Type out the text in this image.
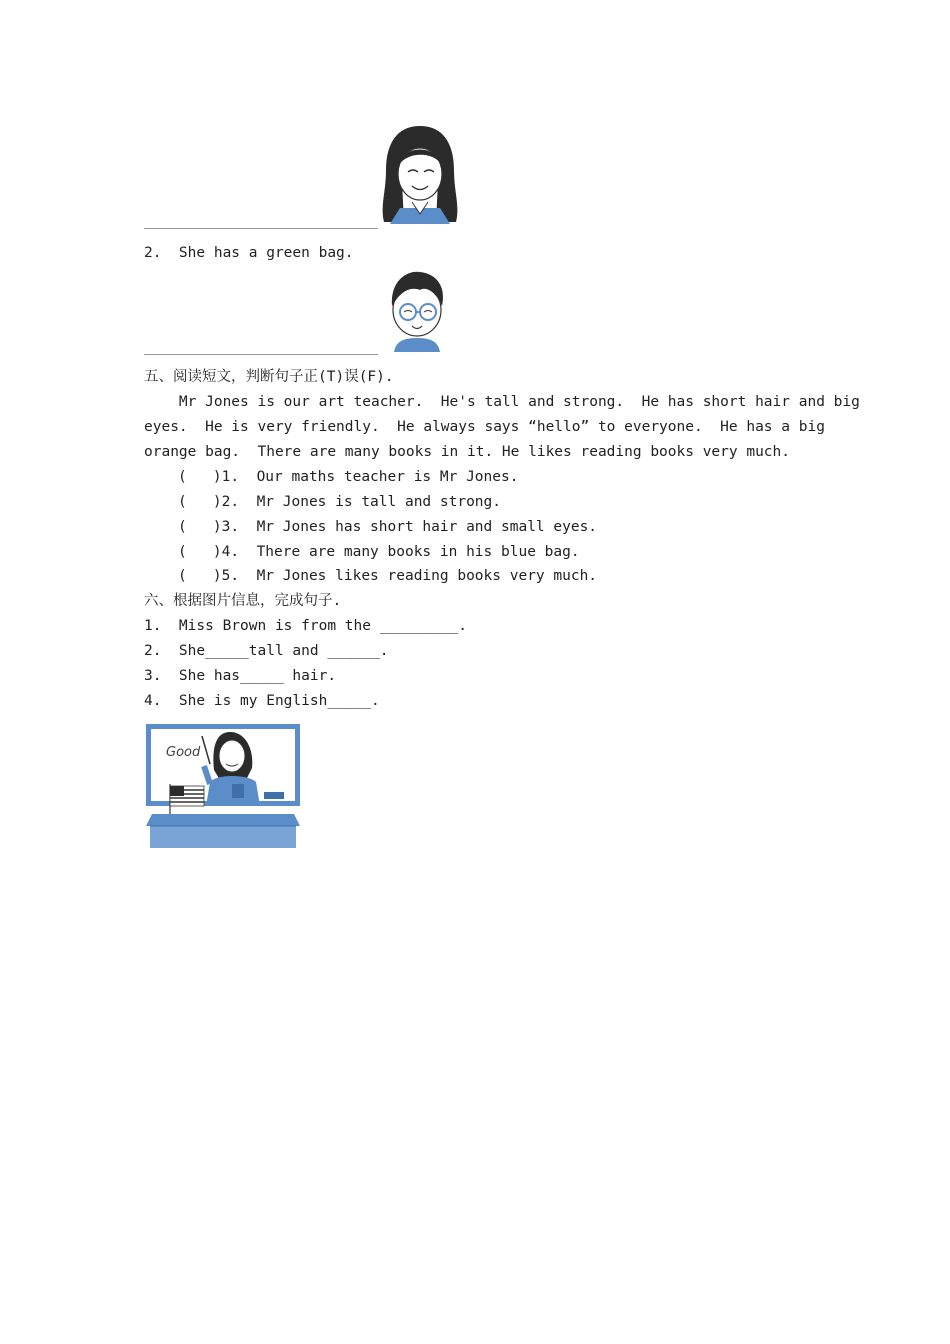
2.  She has a green bag.
五、阅读短文，判断句子正(T)误(F).
Mr Jones is our art teacher.  He's tall and strong.  He has short hair and big
eyes.  He is very friendly.  He always says “hello” to everyone.  He has a big
orange bag.  There are many books in it. He likes reading books very much.
(   )1.  Our maths teacher is Mr Jones.
(   )2.  Mr Jones is tall and strong.
(   )3.  Mr Jones has short hair and small eyes.
(   )4.  There are many books in his blue bag.
(   )5.  Mr Jones likes reading books very much.
六、根据图片信息，完成句子.
1.  Miss Brown is from the _________.
2.  She_____tall and ______.
3.  She has_____ hair.
4.  She is my English_____.
Good
